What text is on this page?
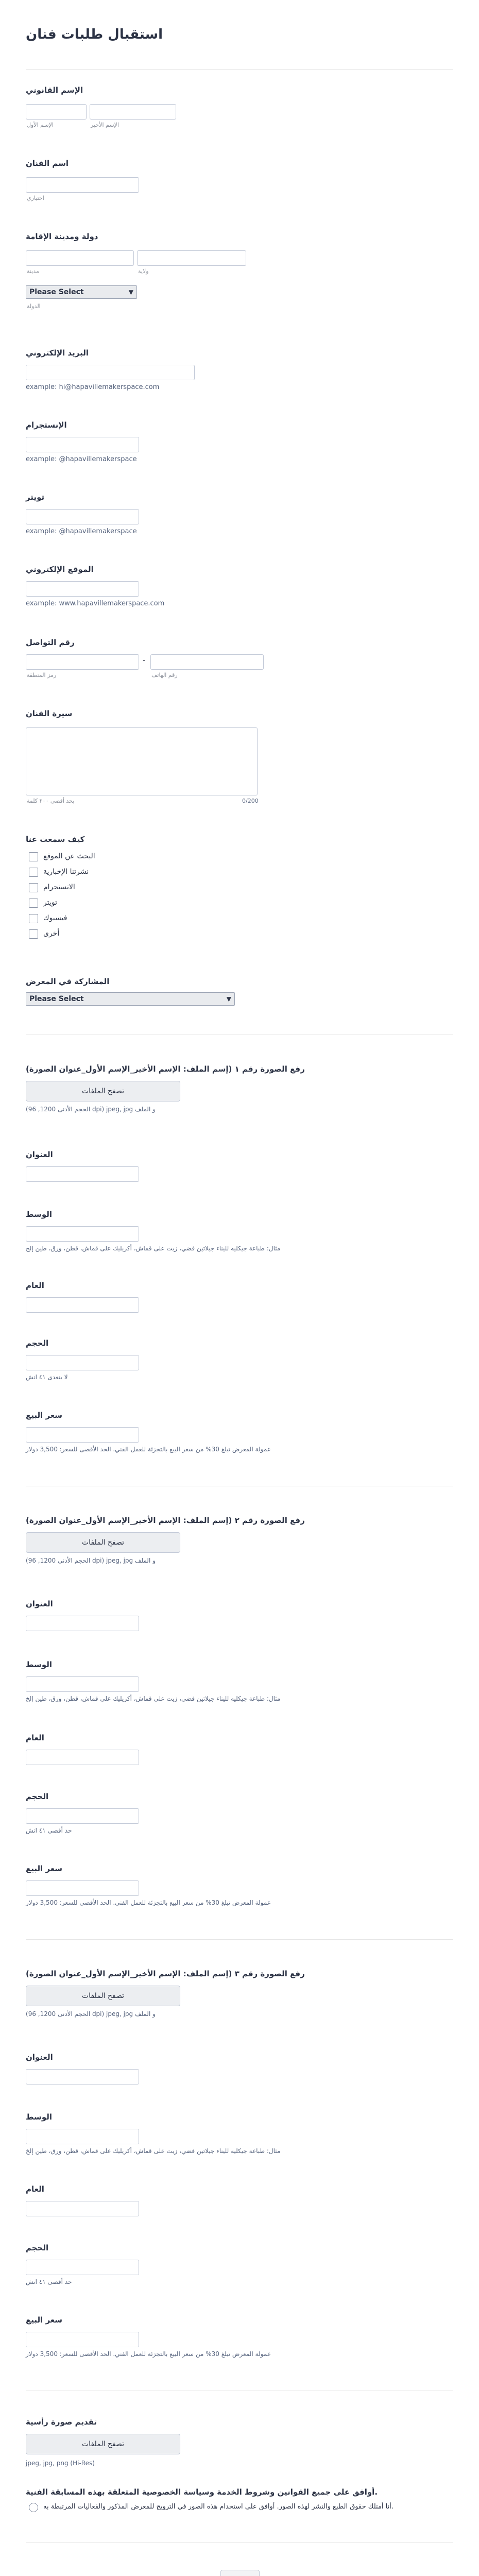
استقبال طلبات فنان
الإسم القانوني
الإسم الأول	الإسم الأخير
اسم الفنان
اختياري
دولة ومدينة الإقامة
مدينة	ولاية
Please Select	▼
الدولة
البريد الإلكتروني
example: hi@hapavillemakerspace.com
الإنستجرام
example: @hapavillemakerspace
تويتر
example: @hapavillemakerspace
الموقع الإلكتروني
example: www.hapavillemakerspace.com
رقم التواصل
-
رمز المنطقة	رقم الهاتف
سيرة الفنان
بحد أقصى ٢٠٠ كلمة	0/200
كيف سمعت عنا
البحث عن الموقع
نشرتنا الإخبارية
الانستجرام
تويتر
فيسبوك
أخرى
المشاركة في المعرض
Please Select	▼
رفع الصورة رقم ١ (إسم الملف: الإسم الأخير_الإسم الأول_عنوان الصورة)
تصفح الملفات
(الحجم الأدنى 1200, 96 dpi) jpeg, jpg و الملف
العنوان
الوسط
مثال: طباعة جيكليه لليناء جيلاتين فضي، زيت على قماش، أكريليك على قماش، قطن، ورق، طين إلخ
العام
الحجم
لا يتعدى ٤١ انش
سعر البيع
عمولة المعرض تبلغ 30% من سعر البيع بالتجزئة للعمل الفني. الحد الأقصى للسعر: 3,500 دولار
رفع الصورة رقم ٢ (إسم الملف: الإسم الأخير_الإسم الأول_عنوان الصورة)
تصفح الملفات
(الحجم الأدنى 1200, 96 dpi) jpeg, jpg و الملف
العنوان
الوسط
مثال: طباعة جيكليه لليناء جيلاتين فضي، زيت على قماش، أكريليك على قماش، قطن، ورق، طين إلخ
العام
الحجم
حد أقصى ٤١ انش
سعر البيع
عمولة المعرض تبلغ 30% من سعر البيع بالتجزئة للعمل الفني. الحد الأقصى للسعر: 3,500 دولار
رفع الصورة رقم ٣ (إسم الملف: الإسم الأخير_الإسم الأول_عنوان الصورة)
تصفح الملفات
(الحجم الأدنى 1200, 96 dpi) jpeg, jpg و الملف
العنوان
الوسط
مثال: طباعة جيكليه لليناء جيلاتين فضي، زيت على قماش، أكريليك على قماش، قطن، ورق، طين إلخ
العام
الحجم
حد أقصى ٤١ انش
سعر البيع
عمولة المعرض تبلغ 30% من سعر البيع بالتجزئة للعمل الفني. الحد الأقصى للسعر: 3,500 دولار
تقديم صورة رأسية
تصفح الملفات
jpeg, jpg, png (Hi-Res)
أوافق على جميع القوانين وشروط الخدمة وسياسة الخصوصية المتعلقة بهذه المسابقة الفنية.
أنا أمتلك حقوق الطبع والنشر لهذه الصور. أوافق على استخدام هذه الصور في الترويج للمعرض المذكور والفعاليات المرتبطة به.
